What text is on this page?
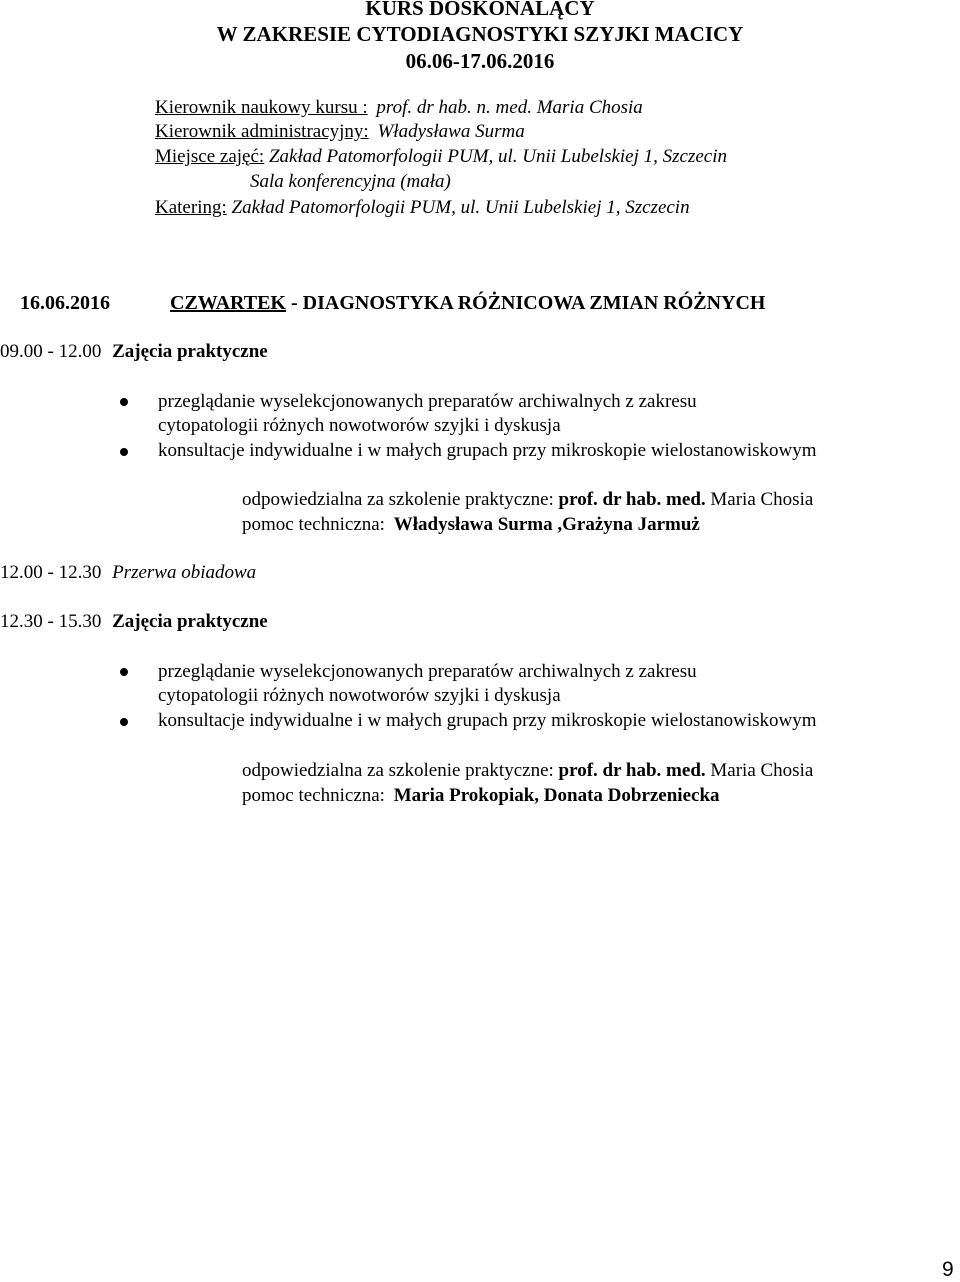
KURS DOSKONALĄCY
W ZAKRESIE CYTODIAGNOSTYKI SZYJKI MACICY
06.06-17.06.2016
Kierownik naukowy kursu : prof. dr hab. n. med. Maria Chosia
Kierownik administracyjny: Władysława Surma
Miejsce zajęć: Zakład Patomorfologii PUM, ul. Unii Lubelskiej 1, Szczecin
Sala konferencyjna (mała)
Katering: Zakład Patomorfologii PUM, ul. Unii Lubelskiej 1, Szczecin
16.06.2016	CZWARTEK - DIAGNOSTYKA RÓŻNICOWA ZMIAN RÓŻNYCH
09.00 - 12.00 Zajęcia praktyczne
przeglądanie wyselekcjonowanych preparatów archiwalnych z zakresu
cytopatologii różnych nowotworów szyjki i dyskusja
konsultacje indywidualne i w małych grupach przy mikroskopie wielostanowiskowym
odpowiedzialna za szkolenie praktyczne: prof. dr hab. med. Maria Chosia
pomoc techniczna: Władysława Surma ,Grażyna Jarmuż
12.00 - 12.30 Przerwa obiadowa
12.30 - 15.30 Zajęcia praktyczne
przeglądanie wyselekcjonowanych preparatów archiwalnych z zakresu
cytopatologii różnych nowotworów szyjki i dyskusja
konsultacje indywidualne i w małych grupach przy mikroskopie wielostanowiskowym
odpowiedzialna za szkolenie praktyczne: prof. dr hab. med. Maria Chosia
pomoc techniczna: Maria Prokopiak, Donata Dobrzeniecka
9
